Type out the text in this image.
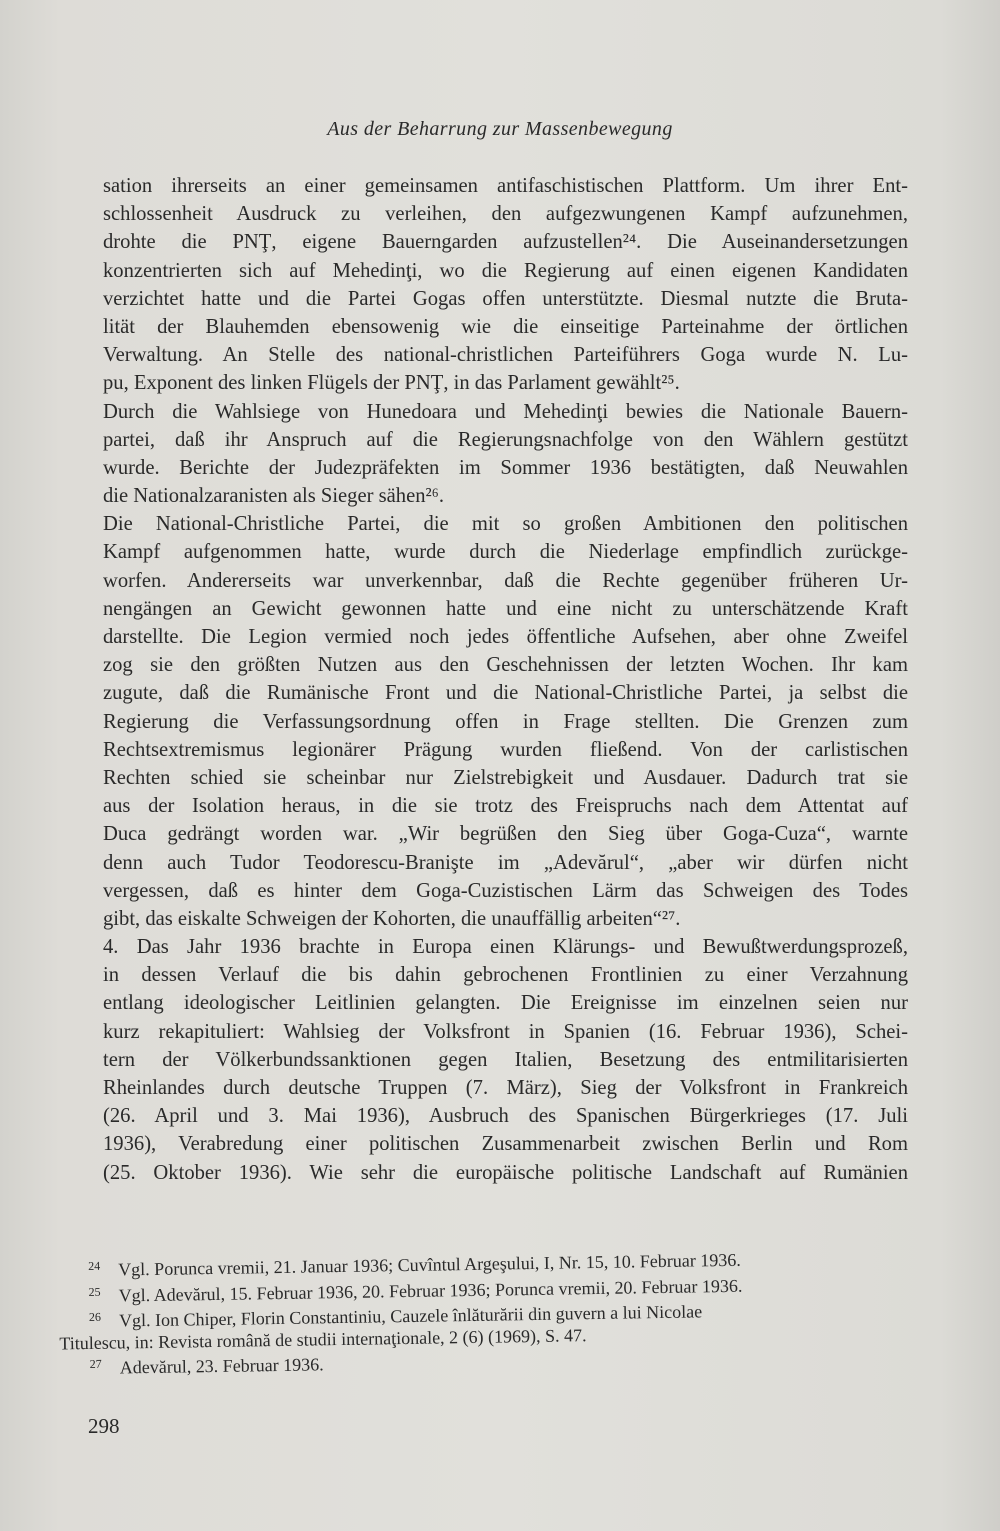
Aus der Beharrung zur Massenbewegung
sation ihrerseits an einer gemeinsamen antifaschistischen Plattform. Um ihrer Ent-
schlossenheit Ausdruck zu verleihen, den aufgezwungenen Kampf aufzunehmen,
drohte die PNŢ, eigene Bauerngarden aufzustellen²⁴. Die Auseinandersetzungen
konzentrierten sich auf Mehedinţi, wo die Regierung auf einen eigenen Kandidaten
verzichtet hatte und die Partei Gogas offen unterstützte. Diesmal nutzte die Bruta-
lität der Blauhemden ebensowenig wie die einseitige Parteinahme der örtlichen
Verwaltung. An Stelle des national-christlichen Parteiführers Goga wurde N. Lu-
pu, Exponent des linken Flügels der PNŢ, in das Parlament gewählt²⁵.
Durch die Wahlsiege von Hunedoara und Mehedinţi bewies die Nationale Bauern-
partei, daß ihr Anspruch auf die Regierungsnachfolge von den Wählern gestützt
wurde. Berichte der Judezpräfekten im Sommer 1936 bestätigten, daß Neuwahlen
die Nationalzaranisten als Sieger sähen²⁶.
Die National-Christliche Partei, die mit so großen Ambitionen den politischen
Kampf aufgenommen hatte, wurde durch die Niederlage empfindlich zurückge-
worfen. Andererseits war unverkennbar, daß die Rechte gegenüber früheren Ur-
nengängen an Gewicht gewonnen hatte und eine nicht zu unterschätzende Kraft
darstellte. Die Legion vermied noch jedes öffentliche Aufsehen, aber ohne Zweifel
zog sie den größten Nutzen aus den Geschehnissen der letzten Wochen. Ihr kam
zugute, daß die Rumänische Front und die National-Christliche Partei, ja selbst die
Regierung die Verfassungsordnung offen in Frage stellten. Die Grenzen zum
Rechtsextremismus legionärer Prägung wurden fließend. Von der carlistischen
Rechten schied sie scheinbar nur Zielstrebigkeit und Ausdauer. Dadurch trat sie
aus der Isolation heraus, in die sie trotz des Freispruchs nach dem Attentat auf
Duca gedrängt worden war. „Wir begrüßen den Sieg über Goga-Cuza“, warnte
denn auch Tudor Teodorescu-Branişte im „Adevărul“, „aber wir dürfen nicht
vergessen, daß es hinter dem Goga-Cuzistischen Lärm das Schweigen des Todes
gibt, das eiskalte Schweigen der Kohorten, die unauffällig arbeiten“²⁷.
4. Das Jahr 1936 brachte in Europa einen Klärungs- und Bewußtwerdungsprozeß,
in dessen Verlauf die bis dahin gebrochenen Frontlinien zu einer Verzahnung
entlang ideologischer Leitlinien gelangten. Die Ereignisse im einzelnen seien nur
kurz rekapituliert: Wahlsieg der Volksfront in Spanien (16. Februar 1936), Schei-
tern der Völkerbundssanktionen gegen Italien, Besetzung des entmilitarisierten
Rheinlandes durch deutsche Truppen (7. März), Sieg der Volksfront in Frankreich
(26. April und 3. Mai 1936), Ausbruch des Spanischen Bürgerkrieges (17. Juli
1936), Verabredung einer politischen Zusammenarbeit zwischen Berlin und Rom
(25. Oktober 1936). Wie sehr die europäische politische Landschaft auf Rumänien
24 Vgl. Poruncа vremii, 21. Januar 1936; Cuvîntul Argeşului, I, Nr. 15, 10. Februar 1936.
25 Vgl. Adevărul, 15. Februar 1936, 20. Februar 1936; Porunca vremii, 20. Februar 1936.
26 Vgl. Ion Chiper, Florin Constantiniu, Cauzele înlăturării din guvern a lui Nicolae
Titulescu, in: Revista română de studii internaţionale, 2 (6) (1969), S. 47.
27 Adevărul, 23. Februar 1936.
298
